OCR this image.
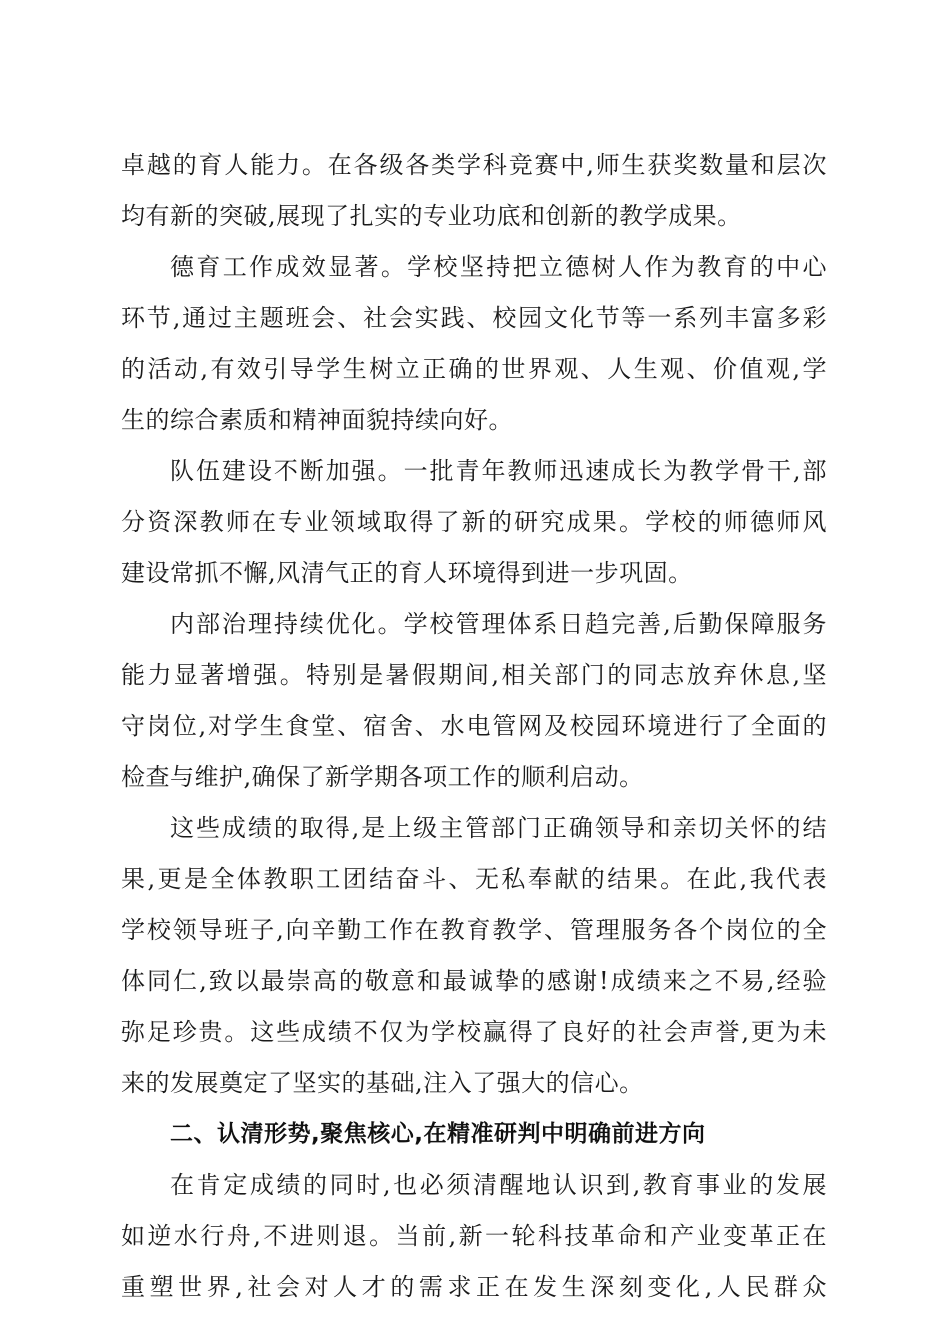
卓越的育人能力。在各级各类学科竞赛中,师生获奖数量和层次
均有新的突破,展现了扎实的专业功底和创新的教学成果。
德育工作成效显著。学校坚持把立德树人作为教育的中心
环节,通过主题班会、社会实践、校园文化节等一系列丰富多彩
的活动,有效引导学生树立正确的世界观、人生观、价值观,学
生的综合素质和精神面貌持续向好。
队伍建设不断加强。一批青年教师迅速成长为教学骨干,部
分资深教师在专业领域取得了新的研究成果。学校的师德师风
建设常抓不懈,风清气正的育人环境得到进一步巩固。
内部治理持续优化。学校管理体系日趋完善,后勤保障服务
能力显著增强。特别是暑假期间,相关部门的同志放弃休息,坚
守岗位,对学生食堂、宿舍、水电管网及校园环境进行了全面的
检查与维护,确保了新学期各项工作的顺利启动。
这些成绩的取得,是上级主管部门正确领导和亲切关怀的结
果,更是全体教职工团结奋斗、无私奉献的结果。在此,我代表
学校领导班子,向辛勤工作在教育教学、管理服务各个岗位的全
体同仁,致以最崇高的敬意和最诚挚的感谢!成绩来之不易,经验
弥足珍贵。这些成绩不仅为学校赢得了良好的社会声誉,更为未
来的发展奠定了坚实的基础,注入了强大的信心。
二、认清形势,聚焦核心,在精准研判中明确前进方向
在肯定成绩的同时,也必须清醒地认识到,教育事业的发展
如逆水行舟,不进则退。当前,新一轮科技革命和产业变革正在
重塑世界,社会对人才的需求正在发生深刻变化,人民群众
